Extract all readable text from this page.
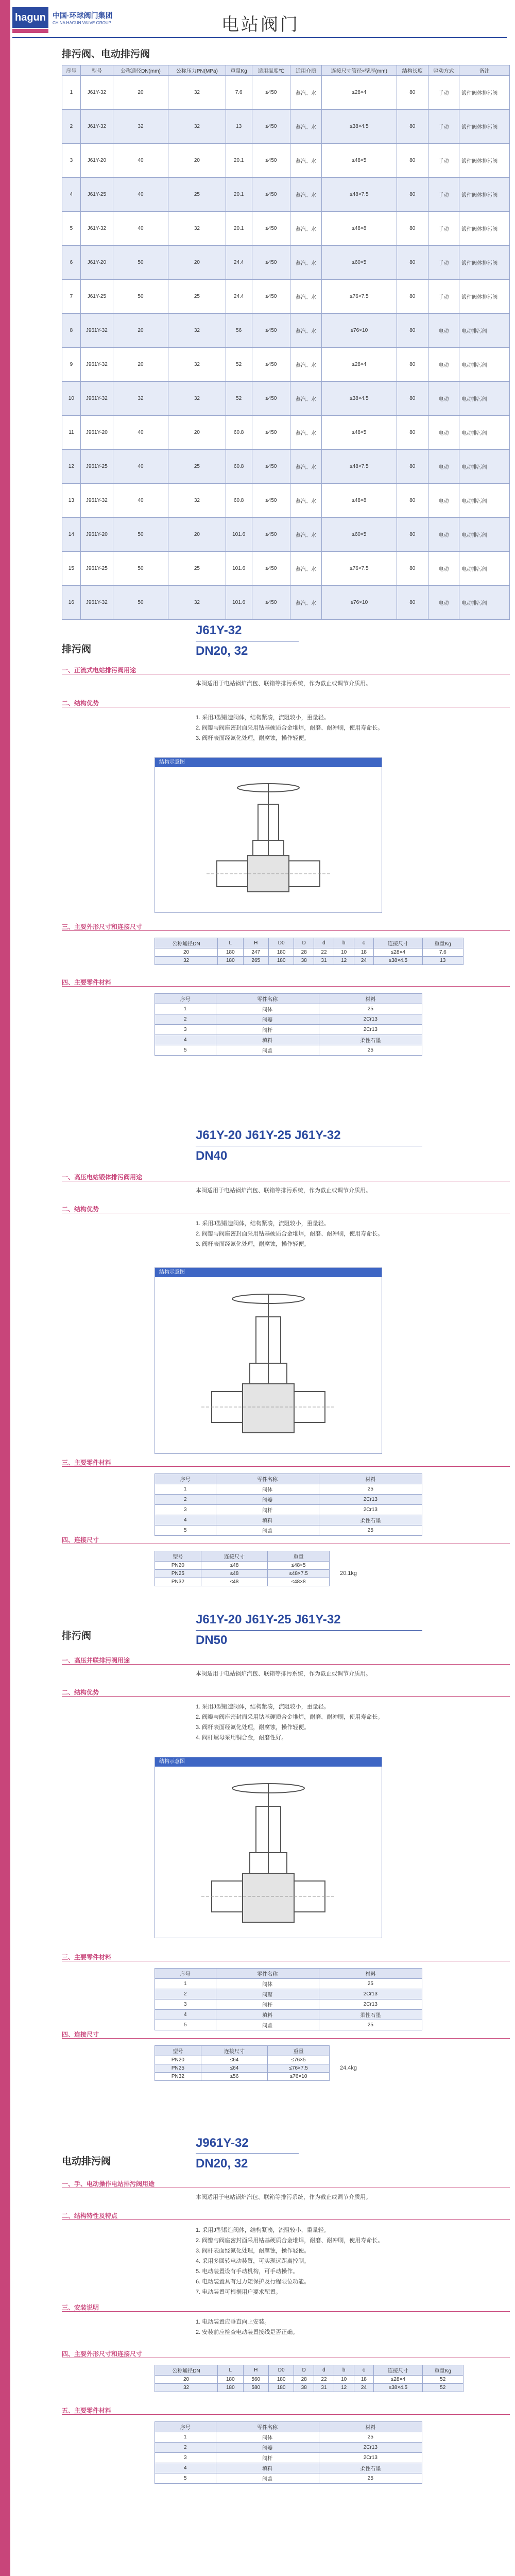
hagun 中国·环球阀门集团
CHINA HAGUN VALVE GROUP	电站阀门
排污阀、电动排污阀
序号	型号	公称通径DN(mm)	公称压力PN(MPa)	重量Kg	适用温度℃	适用介质	连接尺寸管径×壁厚(mm)	结构长度	驱动方式	备注
1	J61Y-32	20	32	7.6	≤450	蒸汽、水	≤28×4	80	手动	锻件阀体排污阀
2	J61Y-32	32	32	13	≤450	蒸汽、水	≤38×4.5	80	手动	锻件阀体排污阀
3	J61Y-20	40	20	20.1	≤450	蒸汽、水	≤48×5	80	手动	锻件阀体排污阀
4	J61Y-25	40	25	20.1	≤450	蒸汽、水	≤48×7.5	80	手动	锻件阀体排污阀
5	J61Y-32	40	32	20.1	≤450	蒸汽、水	≤48×8	80	手动	锻件阀体排污阀
6	J61Y-20	50	20	24.4	≤450	蒸汽、水	≤60×5	80	手动	锻件阀体排污阀
7	J61Y-25	50	25	24.4	≤450	蒸汽、水	≤76×7.5	80	手动	锻件阀体排污阀
8	J961Y-32	20	32	56	≤450	蒸汽、水	≤76×10	80	电动	电动排污阀
9	J961Y-32	20	32	52	≤450	蒸汽、水	≤28×4	80	电动	电动排污阀
10	J961Y-32	32	32	52	≤450	蒸汽、水	≤38×4.5	80	电动	电动排污阀
11	J961Y-20	40	20	60.8	≤450	蒸汽、水	≤48×5	80	电动	电动排污阀
12	J961Y-25	40	25	60.8	≤450	蒸汽、水	≤48×7.5	80	电动	电动排污阀
13	J961Y-32	40	32	60.8	≤450	蒸汽、水	≤48×8	80	电动	电动排污阀
14	J961Y-20	50	20	101.6	≤450	蒸汽、水	≤60×5	80	电动	电动排污阀
15	J961Y-25	50	25	101.6	≤450	蒸汽、水	≤76×7.5	80	电动	电动排污阀
16	J961Y-32	50	32	101.6	≤450	蒸汽、水	≤76×10	80	电动	电动排污阀
排污阀
J61Y-32
DN20, 32
一、正流式电站排污阀用途
本阀适用于电站锅炉汽包、联箱等排污系统，作为截止或调节介质用。
二、结构优势

1. 采用J型锻造阀体，结构紧凑，流阻较小，重量轻。

2. 阀瓣与阀座密封面采用钴基硬质合金堆焊，耐磨、耐冲刷，使用寿命长。

3. 阀杆表面经氮化处理，耐腐蚀，操作轻便。

结构示意图
三、主要外形尺寸和连接尺寸
公称通径DN	L	H	D0	D	d	b	c	连接尺寸	重量Kg
20	180	247	180	28	22	10	18	≤28×4	7.6
32	180	265	180	38	31	12	24	≤38×4.5	13
四、主要零件材料
序号	零件名称	材料
1	阀体	25
2	阀瓣	2Cr13
3	阀杆	2Cr13
4	填料	柔性石墨
5	阀盖	25
J61Y-20 J61Y-25 J61Y-32
DN40
一、高压电站锻体排污阀用途
本阀适用于电站锅炉汽包、联箱等排污系统，作为截止或调节介质用。
二、结构优势

1. 采用J型锻造阀体，结构紧凑，流阻较小，重量轻。

2. 阀瓣与阀座密封面采用钴基硬质合金堆焊，耐磨、耐冲刷，使用寿命长。

3. 阀杆表面经氮化处理，耐腐蚀，操作轻便。

结构示意图
三、主要零件材料
序号	零件名称	材料
1	阀体	25
2	阀瓣	2Cr13
3	阀杆	2Cr13
4	填料	柔性石墨
5	阀盖	25
四、连接尺寸
型号	连接尺寸	重量
PN20	≤48	≤48×5
PN25	≤48	≤48×7.5
PN32	≤48	≤48×8
20.1kg
排污阀
J61Y-20 J61Y-25 J61Y-32
DN50
一、高压并联排污阀用途
本阀适用于电站锅炉汽包、联箱等排污系统，作为截止或调节介质用。
二、结构优势

1. 采用J型锻造阀体，结构紧凑，流阻较小，重量轻。

2. 阀瓣与阀座密封面采用钴基硬质合金堆焊，耐磨、耐冲刷，使用寿命长。

3. 阀杆表面经氮化处理，耐腐蚀，操作轻便。

4. 阀杆螺母采用铜合金，耐磨性好。

结构示意图
三、主要零件材料
序号	零件名称	材料
1	阀体	25
2	阀瓣	2Cr13
3	阀杆	2Cr13
4	填料	柔性石墨
5	阀盖	25
四、连接尺寸
型号	连接尺寸	重量
PN20	≤64	≤76×5
PN25	≤64	≤76×7.5
PN32	≤56	≤76×10
24.4kg
电动排污阀
J961Y-32
DN20, 32
一、手、电动操作电站排污阀用途
本阀适用于电站锅炉汽包、联箱等排污系统，作为截止或调节介质用。
二、结构特性及特点

1. 采用J型锻造阀体，结构紧凑，流阻较小，重量轻。

2. 阀瓣与阀座密封面采用钴基硬质合金堆焊，耐磨、耐冲刷，使用寿命长。

3. 阀杆表面经氮化处理，耐腐蚀，操作轻便。

4. 采用多回转电动装置，可实现远距离控制。

5. 电动装置设有手动机构，可手动操作。

6. 电动装置具有过力矩保护及行程限位功能。

7. 电动装置可根据用户要求配置。

三、安装说明

1. 电动装置应垂直向上安装。

2. 安装前应检查电动装置接线是否正确。

四、主要外形尺寸和连接尺寸
公称通径DN	L	H	D0	D	d	b	c	连接尺寸	重量Kg
20	180	560	180	28	22	10	18	≤28×4	52
32	180	580	180	38	31	12	24	≤38×4.5	52
五、主要零件材料
序号	零件名称	材料
1	阀体	25
2	阀瓣	2Cr13
3	阀杆	2Cr13
4	填料	柔性石墨
5	阀盖	25
